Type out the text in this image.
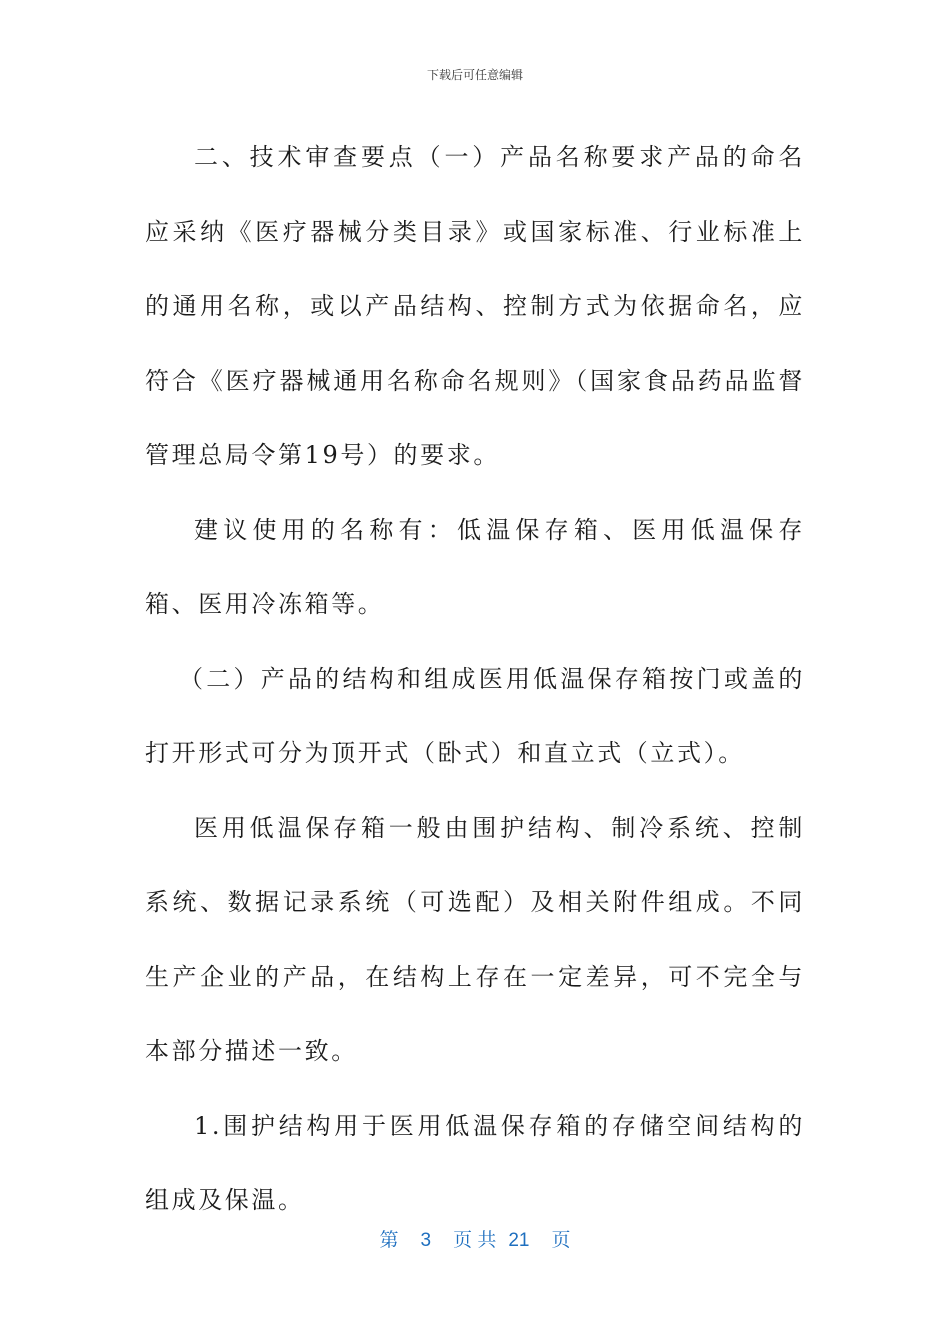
下载后可任意编辑

二、技术审查要点（一）产品名称要求产品的命名应采纳《医疗器械分类目录》或国家标准、行业标准上的通用名称，或以产品结构、控制方式为依据命名，应符合《医疗器械通用名称命名规则》（国家食品药品监督管理总局令第19号）的要求。

建议使用的名称有：低温保存箱、医用低温保存箱、医用冷冻箱等。

（二）产品的结构和组成医用低温保存箱按门或盖的打开形式可分为顶开式（卧式）和直立式（立式）。

医用低温保存箱一般由围护结构、制冷系统、控制系统、数据记录系统（可选配）及相关附件组成。不同生产企业的产品，在结构上存在一定差异，可不完全与本部分描述一致。

1.围护结构用于医用低温保存箱的存储空间结构的组成及保温。

第 3 页 共 21 页
